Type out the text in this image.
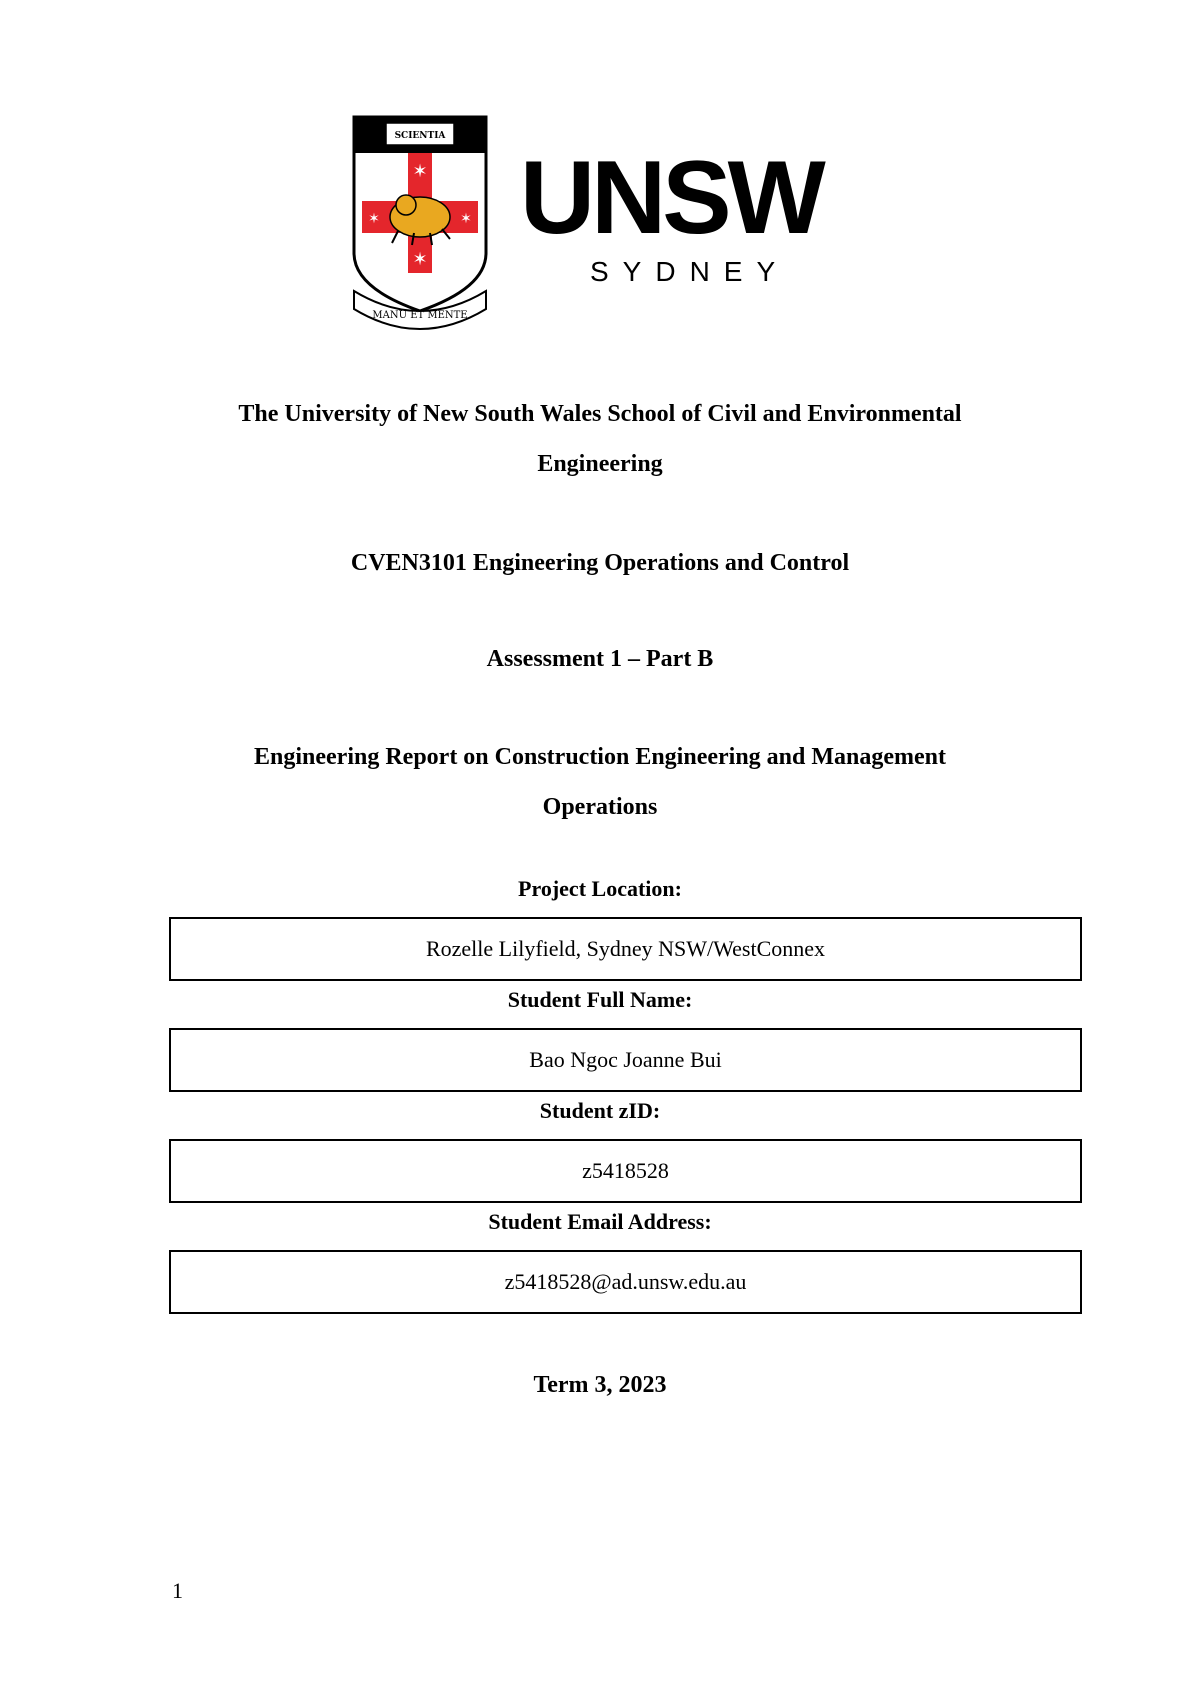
SCIENTIA
✶
✶
✶	✶
MANU ET MENTE
UNSW
SYDNEY
The University of New South Wales School of Civil and Environmental
Engineering
CVEN3101 Engineering Operations and Control
Assessment 1 – Part B
Engineering Report on Construction Engineering and Management
Operations
Project Location:
Rozelle Lilyfield, Sydney NSW/WestConnex
Student Full Name:
Bao Ngoc Joanne Bui
Student zID:
z5418528
Student Email Address:
z5418528@ad.unsw.edu.au
Term 3, 2023
1
